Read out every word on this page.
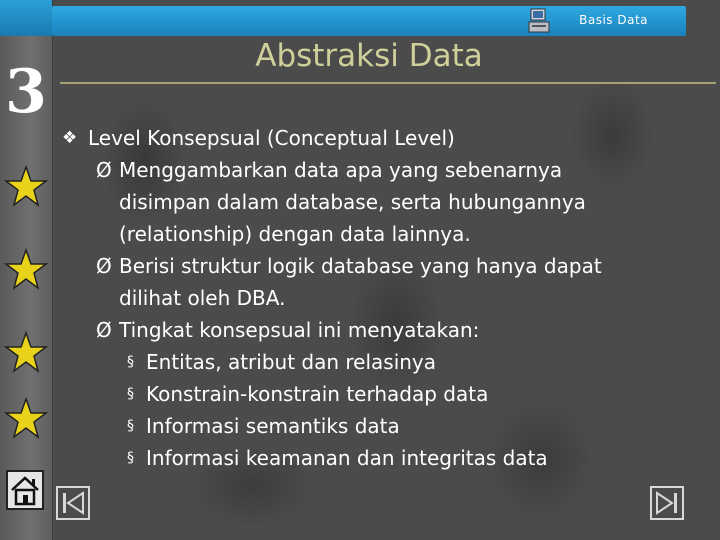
3
Basis Data
Abstraksi Data
❖ Level Konsepsual (Conceptual Level)
Ø Menggambarkan data apa yang sebenarnya
disimpan dalam database, serta hubungannya
(relationship) dengan data lainnya.
Ø Berisi struktur logik database yang hanya dapat
dilihat oleh DBA.
Ø Tingkat konsepsual ini menyatakan:
§ Entitas, atribut dan relasinya
§ Konstrain-konstrain terhadap data
§ Informasi semantiks data
§ Informasi keamanan dan integritas data
